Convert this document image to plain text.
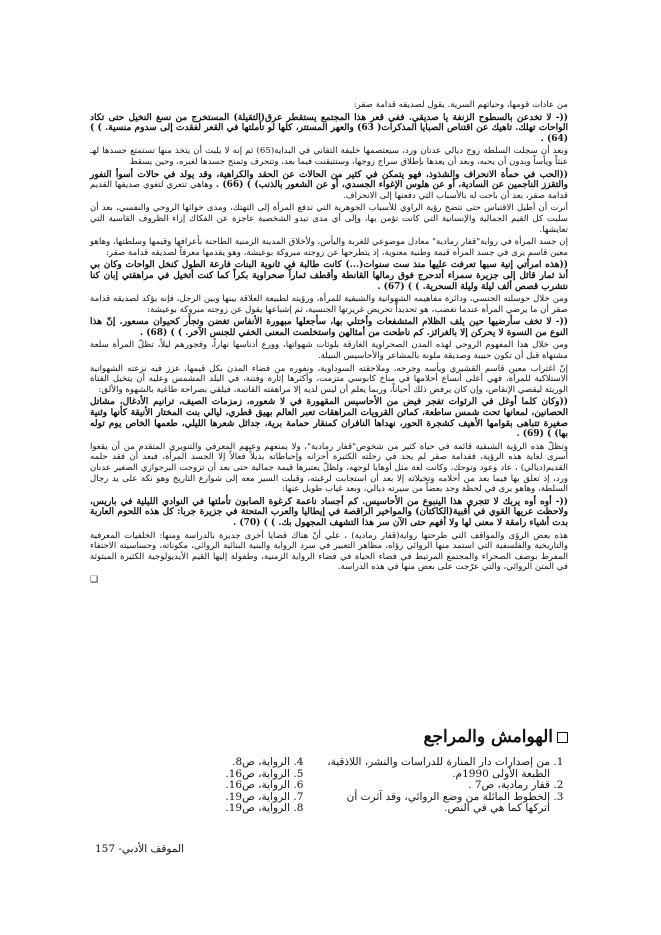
من عادات قومها، وحياتهم السرية. يقول لصديقه قدامة صقر:

((- لا تخدعن بالسطوح الزنفة يا صديقي. ففي قعر هذا المجتمع يستقطر عرق(التقيلة) المستخرج من نسغ النخيل حتى تكاد الواحات تهلك. تاهيك عن اقتناص الصبايا المذكرات( 63) والعهر المستتر، كلها لو تأملتها في القعر لفقدت إلى سدوم منسية. ) ) (64) .

وبعد أن سجلت السلطة زوج ديالي عدنان ورد، سيعتصمها خليفة التقاني في البداية(65) ثم إنه لا يلبث أن يتخذ منها تستمتع جسدها لهـ عبثاً ويأساً وبدون أن يحبه، وبعد أن يعدها بإطلاق سراح زوجها، وستتيقنت فيما بعد، وتتحرف وتمنح جسدها لغيره، وحين يسقط

((الحب في حمأة الانحراف والشذوذ، فهو يتمكن في كثير من الحالات عن الحقد والكراهية، وقد يولد في حالات أسوأ النفور والتقزز الناجمين عن السادية، أو عن هلوس الإغواء الجسدي، أو عن الشعور بالذنب) ) (66) . وهاهي تتعري لتغوي صديقها القديم قدامة صقر، بعد أن باحت له بالأسباب التي دفعتها إلى الانحراف.

أنرت أن أطيل الاقتباس حتى تتضح رؤية الراوي للأسباب الجوهرية التي تدفع المرأة إلى التهتك، ومدى خوائها الروحي والنفسي، بعد أن سلبت كل القيم الجمالية والإنسانية التي كانت تؤمن بها، وإلى أي مدى تبدو الشخصية عاجزة عن الفكاك إزاء الظروف القاسية التي تعايشها.

إن جسد المرأة في رواية"قفار رمادية" معادل موضوعي للغربة واليأس، ولأخلاق المدينة الزمنية الطاحنة بأعرافها وقيمها وسلطتها، وهاهو معين قاسم يرى في جسد المرأة قيمة وطنية معنوية، إذ يتطرحها عن زوجته مبروكة بوعيشة، وهو يقدمها معرفاً لصديقه قدامة صقر:

((هذه امرأتي إنية سبها تعرفت عليها منذ ست سنوات(...) كانت طالبة في ثانوية البنات فارعة الطول كنخل الواحات وكان بي أنذ ثمار قائل إلى جزيرة سمراء أتدحرج فوق رمالها القانطة وأقطف ثماراً صحراوية بكراً كما كنت أتخيل في مراهقتي إبان كنا نتشرب قصص ألف ليلة وليلة السحرية. ) ) (67) .

ومن خلال حوسلته الجنسي، ودائرة مفاهيمه الشهوانية والشبقية للمرأة، ورؤيته لطبيعة العلاقة بينها وبين الرجل، فإنه يؤكد لصديقه قدامة صقر أن ما يرضي المرأة عندما تغضب، هو تحديداً تحريض غريزتها الجنسية، ثم إشباعها يقول عن زوجته مبروكة بوعيشة:

((- لا تخف سأرضيها حين يلف الظلام المتشفعات وأختلي بها، سأجعلها مبهورة الأنفاس تغضن وتجأر كحيوان مسعور. إنّ هذا النوع من النسوة لا يحركن إلا بالغرائز. كم ناطحت من أمثالهن واستخلصت المعنى الخفي للجنس الآخر. ) ) (68) .

ومن خلال هذا المفهوم الروحي لهذه المدن الصحراوية الغارقة بلوثات شهواتها، وورع أدناسها نهاراً، وفجورهم ليلاً، تظلّ المرأة سلعة مشتهاة قبل أن تكون حبيبة وصديقة ملونة بالمشاعر والأحاسيس النبيلة.

إنّ اغتراب معين قاسم القشيري ويأسه وجرحه، وملاحقته السوداوية، ونفوره من فضاء المدن بكل قيمها، عزز فيه نزعته الشهوانية الاستلاكية للمرأة، فهي أعلى أنساع أحلامها في مناخ كابوسي متزمت، وأكثرها إثارة وفتنة، في البلد المشمس وعليه أن يتخيل الفتاة الوريثة ليقصي الإنقاص، وإن كان يرفض ذلك أحياناً، وربما يعلم أن ليس لديه إلا مراهقته القاتمة، فيلقي بصراحة طاغية بالشهوة والألق:

((وكان كلما أوغل في الرئوات تفجر فيض من الأحاسيس المقهورة في لا شعوره، زمزمات الصيف، ترانيم الأدغال، مشاتل الحصانين، لمعانها تحت شمس ساطعة، كمائن القرويات المراهقات تعبر العالم بهيق قطري، ليالي بنت المختار الأنيقة كأنها وثنية صغيرة تتباهى بقوامها الأهيف كشجرة الحور، نهداها النافران كمنقار حمامة برية، جدائل شعرها الليلي، طعمها الخاص يوم توله بها) ) (69) .

وتظلّ هذه الرؤية الشبقية قائمة في حياة كثير من شخوص"قفار رمادية"، ولا يمنعهم وعيهم المعرفي والتنويري المتقدم من أن يقعوا أسرى لغاية هذه الرؤية، فقدامة صقر لم يجد في رحلته الكثيرة أحزانه وإحباطاته بديلاً فعالاً إلا الجسد المرأة، فبعد أن فقد حلمه القديم(ديالي) ، عاد وعود وتوحك، وكانت لغة مثل أوهايا لوجهه، ولظلّ يعتبرها قيمة جمالية حتى بعد أن تزوجت البرجوازي الصغير عدنان ورد، إذ تعلق بها فيما بعد من أحلامه وتخيلاته إلا بعد أن استجابت لرغبته، وقبلت السير معه إلى شوارع التاريخ وهو نكة على يد رجال السلطة، وهاهو يرى في لحظة وجد بعضاً من سيرته ديالي، وبعد غياب طويل عنها:

((- أوه أوه يربك لا تتجري هذا الينبوع من الأحاسيس. كم أجساد ناعمة كرغوة الصابون تأملتها في النوادي الليلية في باريس، ولاحظت عريها القوي في أقبية(الكاكتان) والمواخير الراقصة في إيطاليا والعرب المتحتة في جزيرة جربا: كل هذه اللحوم العاربة بدت أشياء رامقة لا معنى لها ولا أفهم حتى الآن سر هذا التشهف المجهول بك. ) ) (70) .

هذه بعض الرؤى والمواقف التي طرحتها رواية(قفار رمادية) ، علي أنّ هناك قضايا أخرى جديرة بالدراسة ومنها: الخلفيات المعرفية والتاريخية والفلسفية التي استمد منها الروائي رؤاه، مظاهر التعبير في سرد الرواية والبنية البنائية الروائي، مكوناته، وحساسيته الاحتفاء المفرط بوصف الصحراء والمجتمع المرتبط في فضاء الحياة في فضاء الرواية الزمنية، وطفولة إليها القيم الأيديولوجية الكثيرة المبثوثة في المتن الروائي، والتي عرّجت على بعض منها في هذه الدراسة.

❑
الهوامش والمراجع
1. من إصدارات دار المنارة للدراسات والنشر، اللاذقية، الطبعة الأولى 1990م.
2. قفار رمادية، ص7 .
3. الخطوط المائلة من وضع الروائي، وقد آثرت أن أتركها كما هي في النص.
4. الرواية، ص8.
5. الرواية، ص16.
6. الرواية، ص16.
7. الرواية، ص19.
8. الرواية، ص19.
الموقف الأدبي- 157
